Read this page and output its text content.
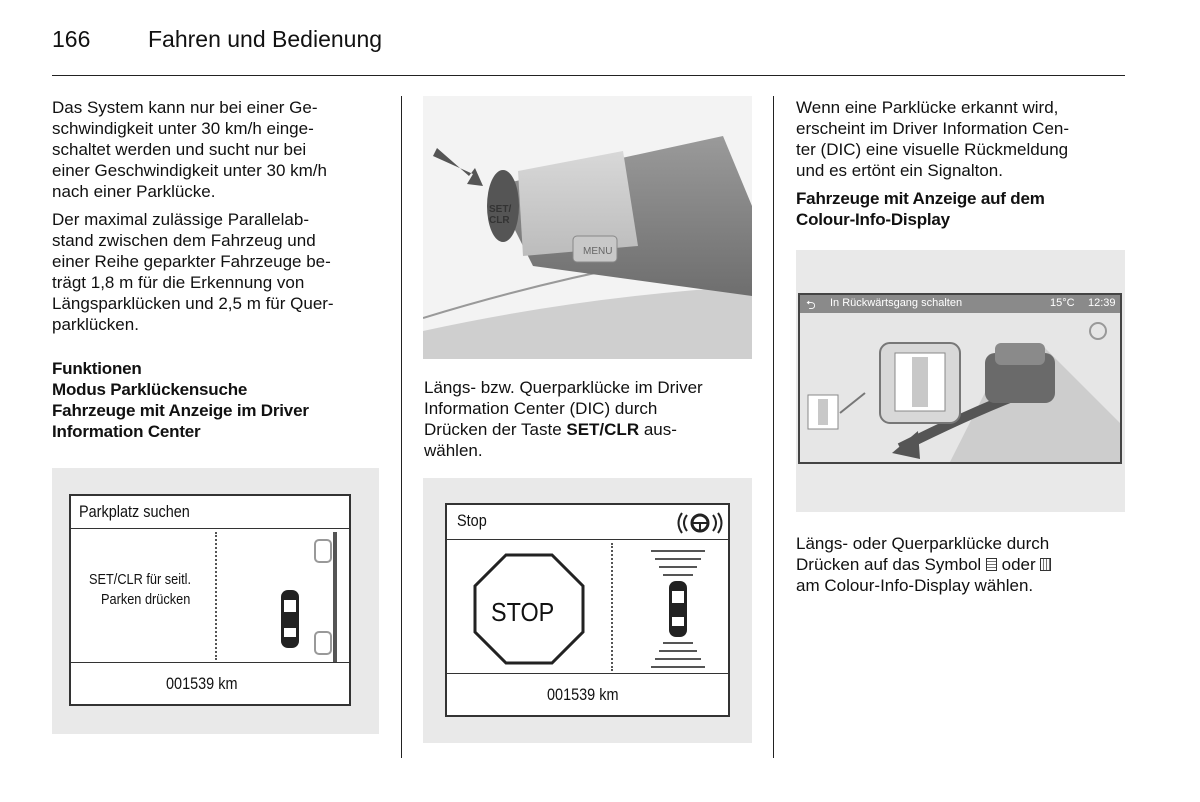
166	Fahren und Bedienung

Das System kann nur bei einer Ge-
schwindigkeit unter 30 km/h einge-
schaltet werden und sucht nur bei
einer Geschwindigkeit unter 30 km/h
nach einer Parklücke.

Der maximal zulässige Parallelab-
stand zwischen dem Fahrzeug und
einer Reihe geparkter Fahrzeuge be-
trägt 1,8 m für die Erkennung von
Längsparklücken und 2,5 m für Quer-
parklücken.

Funktionen
Modus Parklückensuche
Fahrzeuge mit Anzeige im Driver
Information Center
Parkplatz suchen
SET/CLR für seitl.
Parken drücken
001539 km
SET/
CLR
MENU

Längs- bzw. Querparklücke im Driver
Information Center (DIC) durch
Drücken der Taste SET/CLR aus-
wählen.

Stop
STOP
001539 km

Wenn eine Parklücke erkannt wird,
erscheint im Driver Information Cen-
ter (DIC) eine visuelle Rückmeldung
und es ertönt ein Signalton.

Fahrzeuge mit Anzeige auf dem
Colour-Info-Display
⮌ In Rückwärtsgang schalten	15°C 12:39

Längs- oder Querparklücke durch
Drücken auf das Symbol  oder
am Colour-Info-Display wählen.
